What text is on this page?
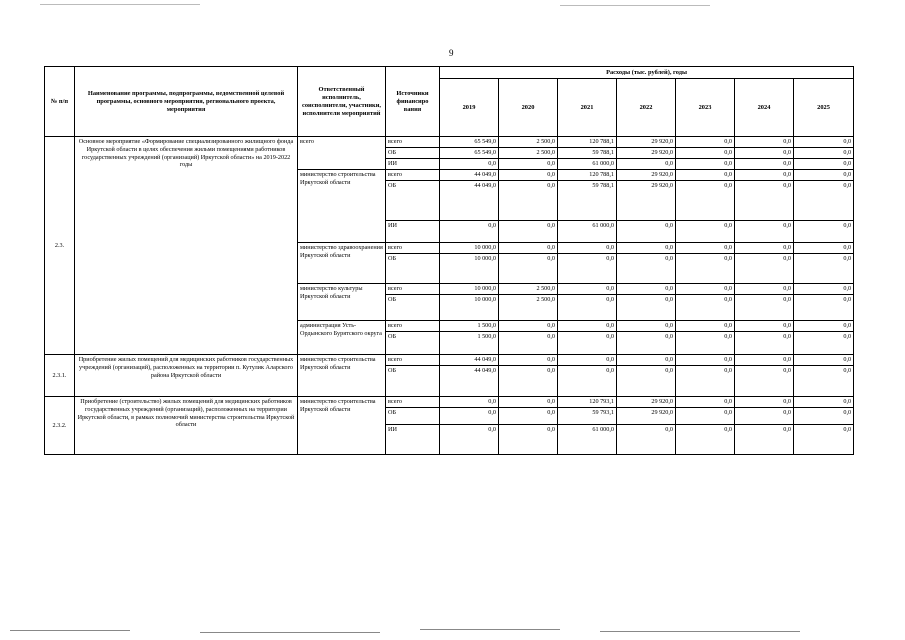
9
№ п/п	Наименование программы, подпрограммы, ведомственной целевой программы, основного мероприятия, регионального проекта, мероприятия	Ответственный исполнитель, соисполнители, участники, исполнители мероприятий	Источники финансиро вания	Расходы (тыс. рублей), годы						
				2019	2020	2021	2022	2023	2024	2025
2.3.	Основное мероприятие «Формирование специализированного жилищного фонда Иркутской области в целях обеспечения жильми помещениями работников государственных учреждений (организаций) Иркутской области» на 2019-2022 годы	всего	всего	65 549,0	2 500,0	120 788,1	29 920,0	0,0	0,0	0,0
			ОБ	65 549,0	2 500,0	59 788,1	29 920,0	0,0	0,0	0,0
			ИИ	0,0	0,0	61 000,0	0,0	0,0	0,0	0,0
		министерство строительства Иркутской области	всего	44 049,0	0,0	120 788,1	29 920,0	0,0	0,0	0,0
			ОБ	44 049,0	0,0	59 788,1	29 920,0	0,0	0,0	0,0
			ИИ	0,0	0,0	61 000,0	0,0	0,0	0,0	0,0
		министерство здравоохранения Иркутской области	всего	10 000,0	0,0	0,0	0,0	0,0	0,0	0,0
			ОБ	10 000,0	0,0	0,0	0,0	0,0	0,0	0,0
		министерство культуры Иркутской области	всего	10 000,0	2 500,0	0,0	0,0	0,0	0,0	0,0
			ОБ	10 000,0	2 500,0	0,0	0,0	0,0	0,0	0,0
		администрация Усть-Ордынского Бурятского округа	всего	1 500,0	0,0	0,0	0,0	0,0	0,0	0,0
			ОБ	1 500,0	0,0	0,0	0,0	0,0	0,0	0,0
2.3.1.	Приобретение жилых помещений для медицинских работников государственных учреждений (организаций), расположенных на территории п. Кутулик Аларского района Иркутской области	министерство строительства Иркутской области	всего	44 049,0	0,0	0,0	0,0	0,0	0,0	0,0
			ОБ	44 049,0	0,0	0,0	0,0	0,0	0,0	0,0
2.3.2.	Приобретение (строительство) жилых помещений для медицинских работников государственных учреждений (организаций), расположенных на территории Иркутской области, в рамках полномочий министерства строительства Иркутской области	министерство строительства Иркутской области	всего	0,0	0,0	120 793,1	29 920,0	0,0	0,0	0,0
			ОБ	0,0	0,0	59 793,1	29 920,0	0,0	0,0	0,0
			ИИ	0,0	0,0	61 000,0	0,0	0,0	0,0	0,0
